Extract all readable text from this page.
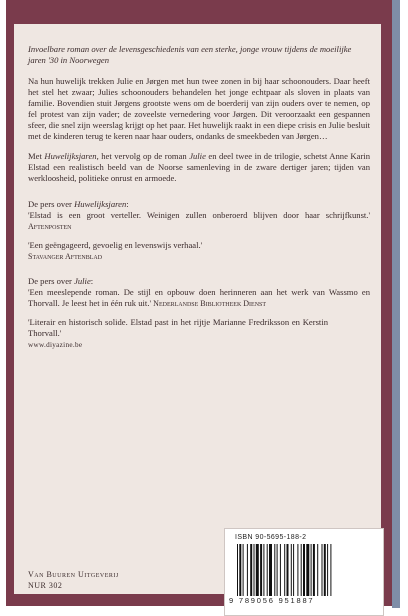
Invoelbare roman over de levensgeschiedenis van een sterke, jonge vrouw tijdens de moeilijke jaren '30 in Noorwegen

Na hun huwelijk trekken Julie en Jørgen met hun twee zonen in bij haar schoonouders. Daar heeft het stel het zwaar; Julies schoonouders behandelen het jonge echtpaar als sloven in plaats van familie. Bovendien stuit Jørgens grootste wens om de boerderij van zijn ouders over te nemen, op fel protest van zijn vader; de zoveelste vernedering voor Jørgen. Dit veroorzaakt een gespannen sfeer, die snel zijn weerslag krijgt op het paar. Het huwelijk raakt in een diepe crisis en Julie besluit met de kinderen terug te keren naar haar ouders, ondanks de smeekbeden van Jørgen…

Met Huwelijksjaren, het vervolg op de roman Julie en deel twee in de trilogie, schetst Anne Karin Elstad een realistisch beeld van de Noorse samenleving in de zware dertiger jaren; tijden van werkloosheid, politieke onrust en armoede.

De pers over Huwelijksjaren:

'Elstad is een groot verteller. Weinigen zullen onberoerd blijven door haar schrijfkunst.' Aftenposten

'Een geëngageerd, gevoelig en levenswijs verhaal.'
Stavanger Aftenblad

De pers over Julie:

'Een meeslepende roman. De stijl en opbouw doen herinneren aan het werk van Wassmo en Thorvall. Je leest het in één ruk uit.' Nederlandse Bibliotheek Dienst

'Literair en historisch solide. Elstad past in het rijtje Marianne Fredriksson en Kerstin Thorvall.'
www.diyazine.be

Van Buuren Uitgeverij
NUR 302
ISBN 90-5695-188-2
9 789056 951887
